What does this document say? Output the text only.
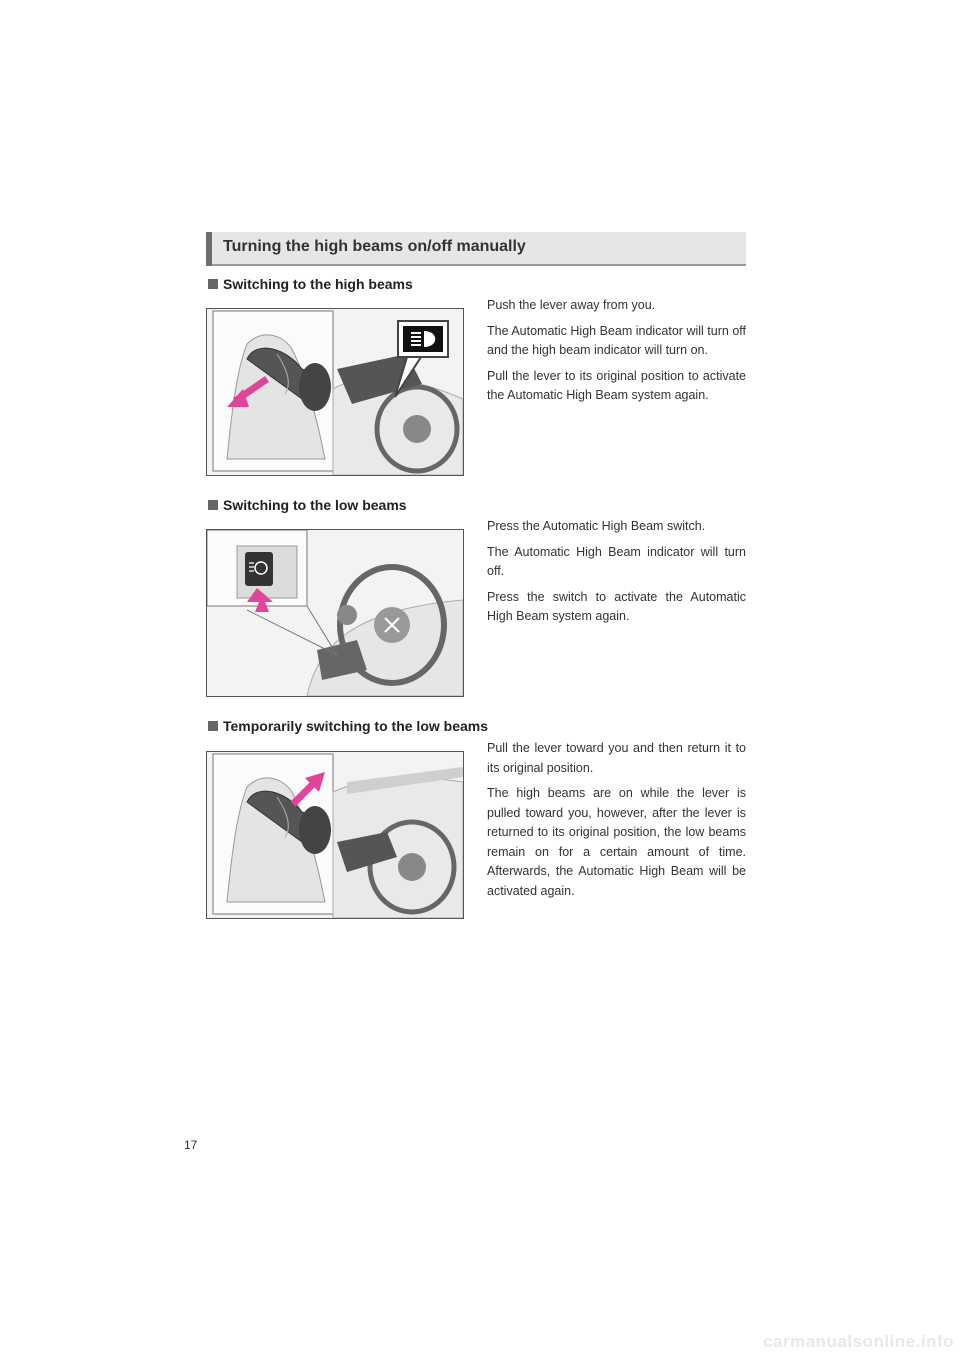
Turning the high beams on/off manually
Switching to the high beams

Push the lever away from you.

The Automatic High Beam indicator will turn off and the high beam indicator will turn on.

Pull the lever to its original position to activate the Automatic High Beam system again.

Switching to the low beams

Press the Automatic High Beam switch.

The Automatic High Beam indicator will turn off.

Press the switch to activate the Automatic High Beam system again.

Temporarily switching to the low beams

Pull the lever toward you and then return it to its original position.

The high beams are on while the lever is pulled toward you, however, after the lever is returned to its original position, the low beams remain on for a certain amount of time. Afterwards, the Automatic High Beam will be activated again.

17
carmanualsonline.info
